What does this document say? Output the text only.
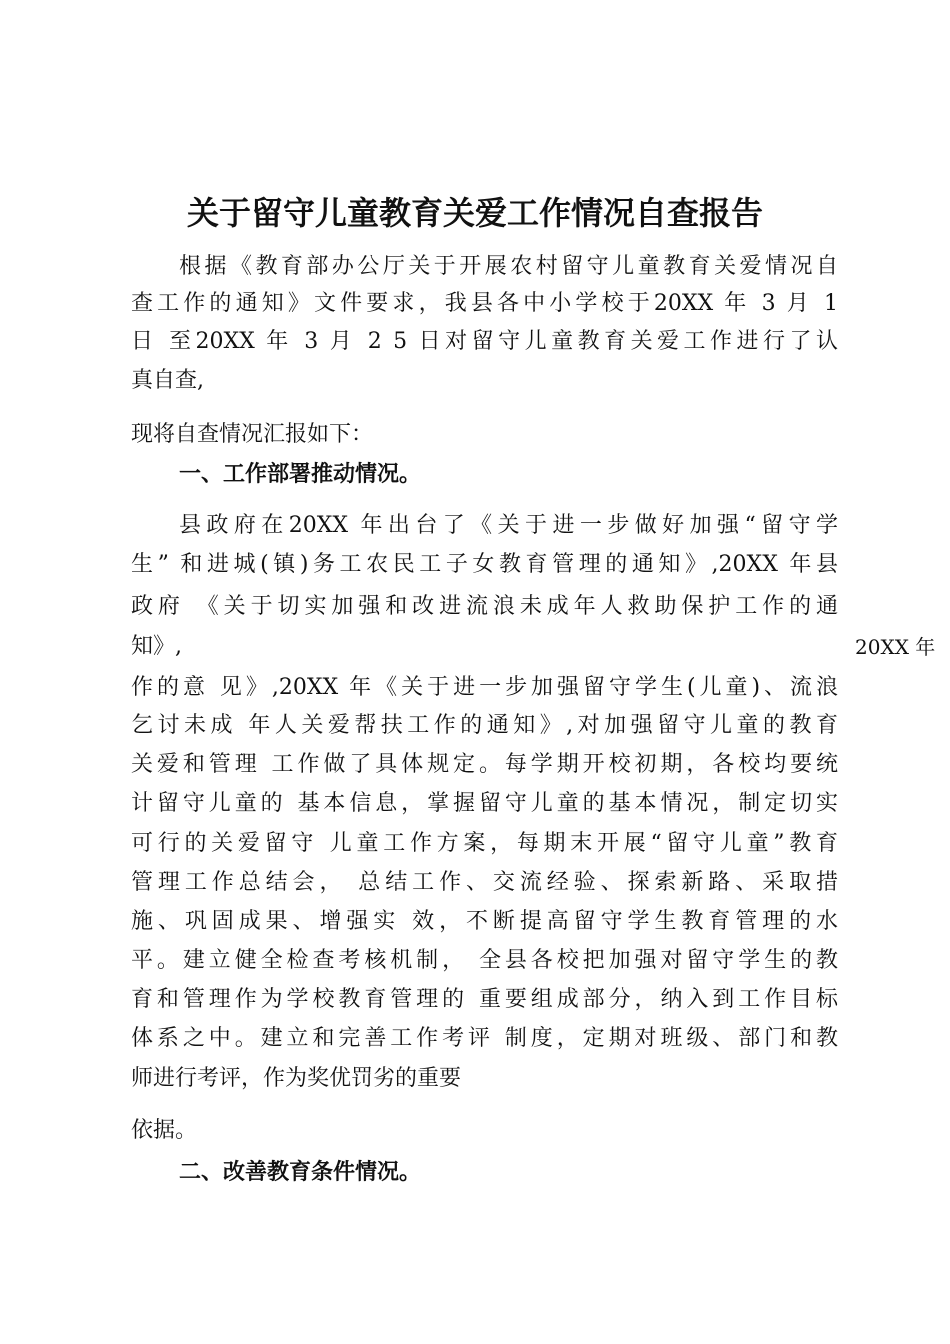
关于留守儿童教育关爱工作情况自查报告
根据《教育部办公厅关于开展农村留守儿童教育关爱情况自
查工作的通知》文件要求，我县各中小学校于20XX 年 3 月 1
日 至20XX 年 3 月 2 5 日对留守儿童教育关爱工作进行了认
真自查,
现将自查情况汇报如下：
一、工作部署推动情况。
县政府在20XX 年出台了《关于进一步做好加强“留守学
生” 和进城(镇)务工农民工子女教育管理的通知》,20XX 年县
政府 《关于切实加强和改进流浪未成年人救助保护工作的通
知》,	20XX 年
作的意 见》,20XX 年《关于进一步加强留守学生(儿童)、流浪
乞讨未成 年人关爱帮扶工作的通知》,对加强留守儿童的教育
关爱和管理 工作做了具体规定。每学期开校初期，各校均要统
计留守儿童的 基本信息，掌握留守儿童的基本情况，制定切实
可行的关爱留守 儿童工作方案，每期末开展“留守儿童”教育
管理工作总结会， 总结工作、交流经验、探索新路、采取措
施、巩固成果、增强实 效，不断提高留守学生教育管理的水
平。建立健全检查考核机制， 全县各校把加强对留守学生的教
育和管理作为学校教育管理的 重要组成部分，纳入到工作目标
体系之中。建立和完善工作考评 制度，定期对班级、部门和教
师进行考评，作为奖优罚劣的重要
依据。
二、改善教育条件情况。
